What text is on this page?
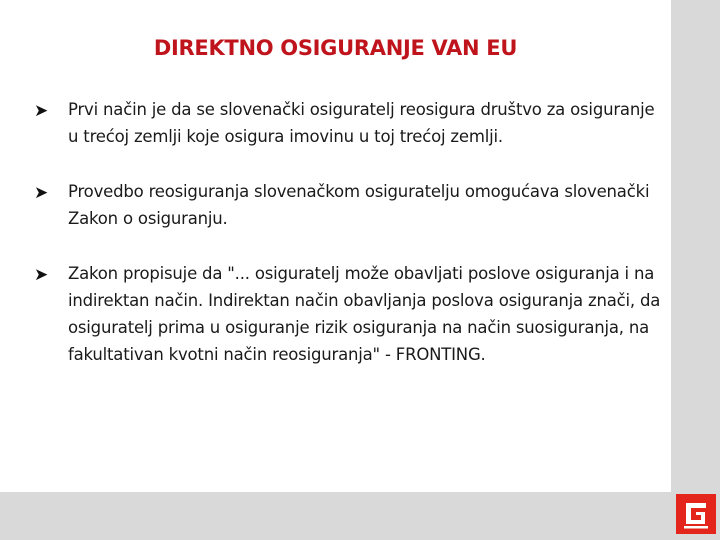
DIREKTNO OSIGURANJE VAN EU
➤ Prvi način je da se slovenački osiguratelj reosigura društvo za osiguranje u trećoj zemlji koje osigura imovinu u toj trećoj zemlji.
➤ Provedbo reosiguranja slovenačkom osiguratelju omogućava slovenački Zakon o osiguranju.
➤ Zakon propisuje da "... osiguratelj može obavljati poslove osiguranja i na indirektan način. Indirektan način obavljanja poslova osiguranja znači, da osiguratelj prima u osiguranje rizik osiguranja na način suosiguranja, na fakultativan kvotni način reosiguranja" - FRONTING.
